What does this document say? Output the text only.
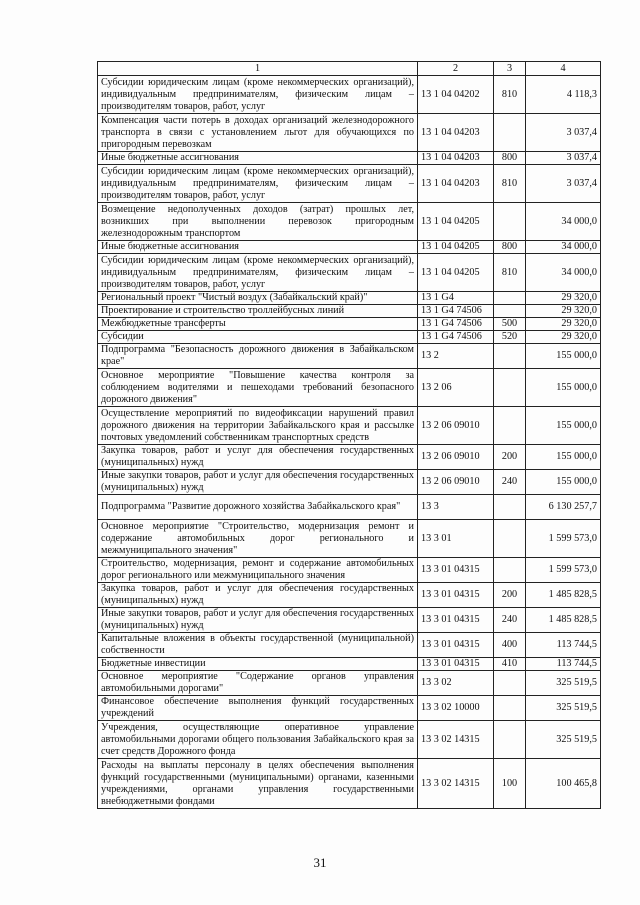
1	2	3	4
Субсидии юридическим лицам (кроме некоммерческих организаций), индивидуальным предпринимателям, физическим лицам – производителям товаров, работ, услуг	13 1 04 04202	810	4 118,3
Компенсация части потерь в доходах организаций железнодорожного транспорта в связи с установлением льгот для обучающихся по пригородным перевозкам	13 1 04 04203		3 037,4
Иные бюджетные ассигнования	13 1 04 04203	800	3 037,4
Субсидии юридическим лицам (кроме некоммерческих организаций), индивидуальным предпринимателям, физическим лицам – производителям товаров, работ, услуг	13 1 04 04203	810	3 037,4
Возмещение недополученных доходов (затрат) прошлых лет, возникших при выполнении перевозок пригородным железнодорожным транспортом	13 1 04 04205		34 000,0
Иные бюджетные ассигнования	13 1 04 04205	800	34 000,0
Субсидии юридическим лицам (кроме некоммерческих организаций), индивидуальным предпринимателям, физическим лицам – производителям товаров, работ, услуг	13 1 04 04205	810	34 000,0
Региональный проект "Чистый воздух (Забайкальский край)"	13 1 G4		29 320,0
Проектирование и строительство троллейбусных линий	13 1 G4 74506		29 320,0
Межбюджетные трансферты	13 1 G4 74506	500	29 320,0
Субсидии	13 1 G4 74506	520	29 320,0
Подпрограмма "Безопасность дорожного движения в Забайкальском крае"	13 2		155 000,0
Основное мероприятие "Повышение качества контроля за соблюдением водителями и пешеходами требований безопасного дорожного движения"	13 2 06		155 000,0
Осуществление мероприятий по видеофиксации нарушений правил дорожного движения на территории Забайкальского края и рассылке почтовых уведомлений собственникам транспортных средств	13 2 06 09010		155 000,0
Закупка товаров, работ и услуг для обеспечения государственных (муниципальных) нужд	13 2 06 09010	200	155 000,0
Иные закупки товаров, работ и услуг для обеспечения государственных (муниципальных) нужд	13 2 06 09010	240	155 000,0
Подпрограмма "Развитие дорожного хозяйства Забайкальского края"	13 3		6 130 257,7
Основное мероприятие "Строительство, модернизация ремонт и содержание автомобильных дорог регионального и межмуниципального значения"	13 3 01		1 599 573,0
Строительство, модернизация, ремонт и содержание автомобильных дорог регионального или межмуниципального значения	13 3 01 04315		1 599 573,0
Закупка товаров, работ и услуг для обеспечения государственных (муниципальных) нужд	13 3 01 04315	200	1 485 828,5
Иные закупки товаров, работ и услуг для обеспечения государственных (муниципальных) нужд	13 3 01 04315	240	1 485 828,5
Капитальные вложения в объекты государственной (муниципальной) собственности	13 3 01 04315	400	113 744,5
Бюджетные инвестиции	13 3 01 04315	410	113 744,5
Основное мероприятие "Содержание органов управления автомобильными дорогами"	13 3 02		325 519,5
Финансовое обеспечение выполнения функций государственных учреждений	13 3 02 10000		325 519,5
Учреждения, осуществляющие оперативное управление автомобильными дорогами общего пользования Забайкальского края за счет средств Дорожного фонда	13 3 02 14315		325 519,5
Расходы на выплаты персоналу в целях обеспечения выполнения функций государственными (муниципальными) органами, казенными учреждениями, органами управления государственными внебюджетными фондами	13 3 02 14315	100	100 465,8
31
